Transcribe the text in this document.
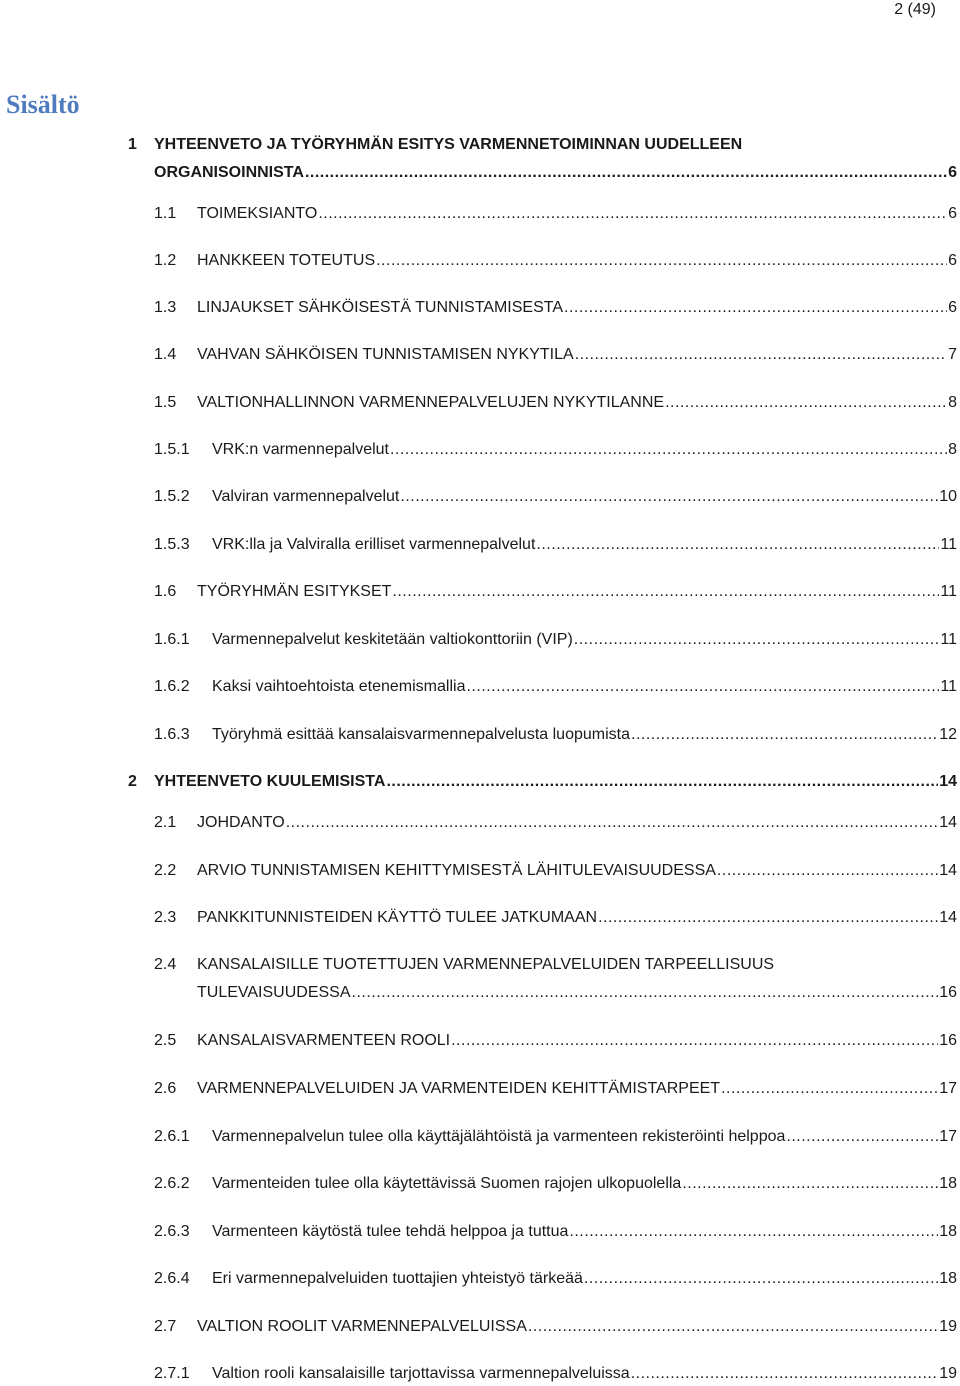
2 (49)
Sisältö
1 YHTEENVETO JA TYÖRYHMÄN ESITYS VARMENNETOIMINNAN UUDELLEEN
ORGANISOINNISTA .....	6
1.1 TOIMEKSIANTO .....	6
1.2 HANKKEEN TOTEUTUS .....	6
1.3 LINJAUKSET SÄHKÖISESTÄ TUNNISTAMISESTA .....	6
1.4 VAHVAN SÄHKÖISEN TUNNISTAMISEN NYKYTILA .....	7
1.5 VALTIONHALLINNON VARMENNEPALVELUJEN NYKYTILANNE .....	8
1.5.1 VRK:n varmennepalvelut .....	8
1.5.2 Valviran varmennepalvelut .....	10
1.5.3 VRK:lla ja Valviralla erilliset varmennepalvelut .....	11
1.6 TYÖRYHMÄN ESITYKSET .....	11
1.6.1 Varmennepalvelut keskitetään valtiokonttoriin (VIP) .....	11
1.6.2 Kaksi vaihtoehtoista etenemismallia .....	11
1.6.3 Työryhmä esittää kansalaisvarmennepalvelusta luopumista .....	12
2 YHTEENVETO KUULEMISISTA .....	14
2.1 JOHDANTO .....	14
2.2 ARVIO TUNNISTAMISEN KEHITTYMISESTÄ LÄHITULEVAISUUDESSA .....	14
2.3 PANKKITUNNISTEIDEN KÄYTTÖ TULEE JATKUMAAN .....	14
2.4 KANSALAISILLE TUOTETTUJEN VARMENNEPALVELUIDEN TARPEELLISUUS
TULEVAISUUDESSA .....	16
2.5 KANSALAISVARMENTEEN ROOLI .....	16
2.6 VARMENNEPALVELUIDEN JA VARMENTEIDEN KEHITTÄMISTARPEET .....	17
2.6.1 Varmennepalvelun tulee olla käyttäjälähtöistä ja varmenteen rekisteröinti helppoa .....	17
2.6.2 Varmenteiden tulee olla käytettävissä Suomen rajojen ulkopuolella .....	18
2.6.3 Varmenteen käytöstä tulee tehdä helppoa ja tuttua .....	18
2.6.4 Eri varmennepalveluiden tuottajien yhteistyö tärkeää .....	18
2.7 VALTION ROOLIT VARMENNEPALVELUISSA .....	19
2.7.1 Valtion rooli kansalaisille tarjottavissa varmennepalveluissa .....	19
